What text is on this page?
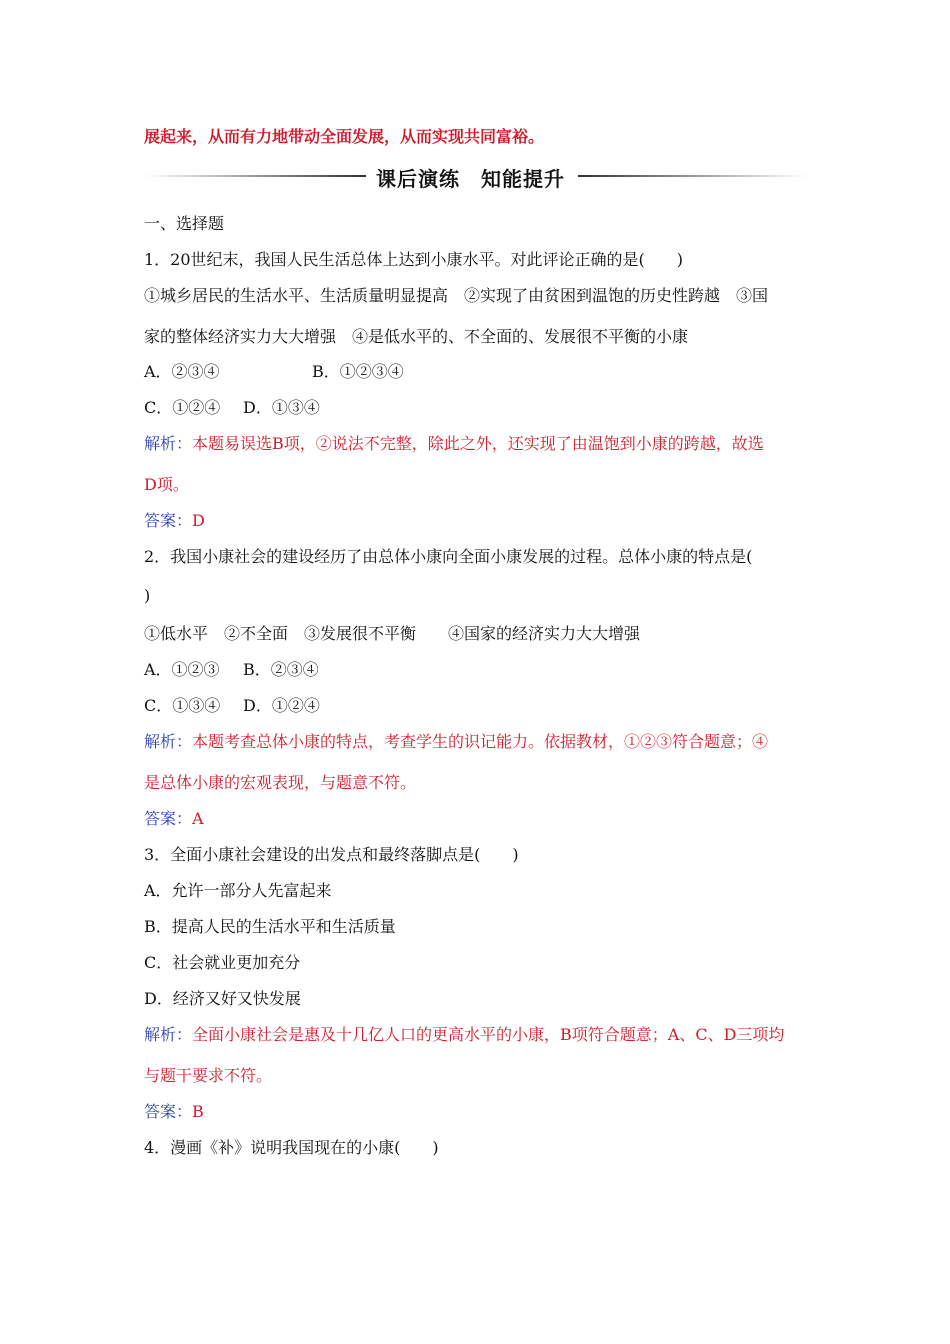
展起来，从而有力地带动全面发展，从而实现共同富裕。
课后演练　知能提升
一、选择题
1．20世纪末，我国人民生活总体上达到小康水平。对此评论正确的是(　　)
①城乡居民的生活水平、生活质量明显提高　②实现了由贫困到温饱的历史性跨越　③国
家的整体经济实力大大增强　④是低水平的、不全面的、发展很不平衡的小康
A．②③④	B．①②③④
C．①②④ D．①③④
解析：本题易误选B项，②说法不完整，除此之外，还实现了由温饱到小康的跨越，故选
D项。
答案：D
2．我国小康社会的建设经历了由总体小康向全面小康发展的过程。总体小康的特点是(
)
①低水平　②不全面　③发展很不平衡　　④国家的经济实力大大增强
A．①②③ B．②③④
C．①③④ D．①②④
解析：本题考查总体小康的特点，考查学生的识记能力。依据教材，①②③符合题意；④
是总体小康的宏观表现，与题意不符。
答案：A
3．全面小康社会建设的出发点和最终落脚点是(　　)
A．允许一部分人先富起来
B．提高人民的生活水平和生活质量
C．社会就业更加充分
D．经济又好又快发展
解析：全面小康社会是惠及十几亿人口的更高水平的小康，B项符合题意；A、C、D三项均
与题干要求不符。
答案：B
4．漫画《补》说明我国现在的小康(　　)
